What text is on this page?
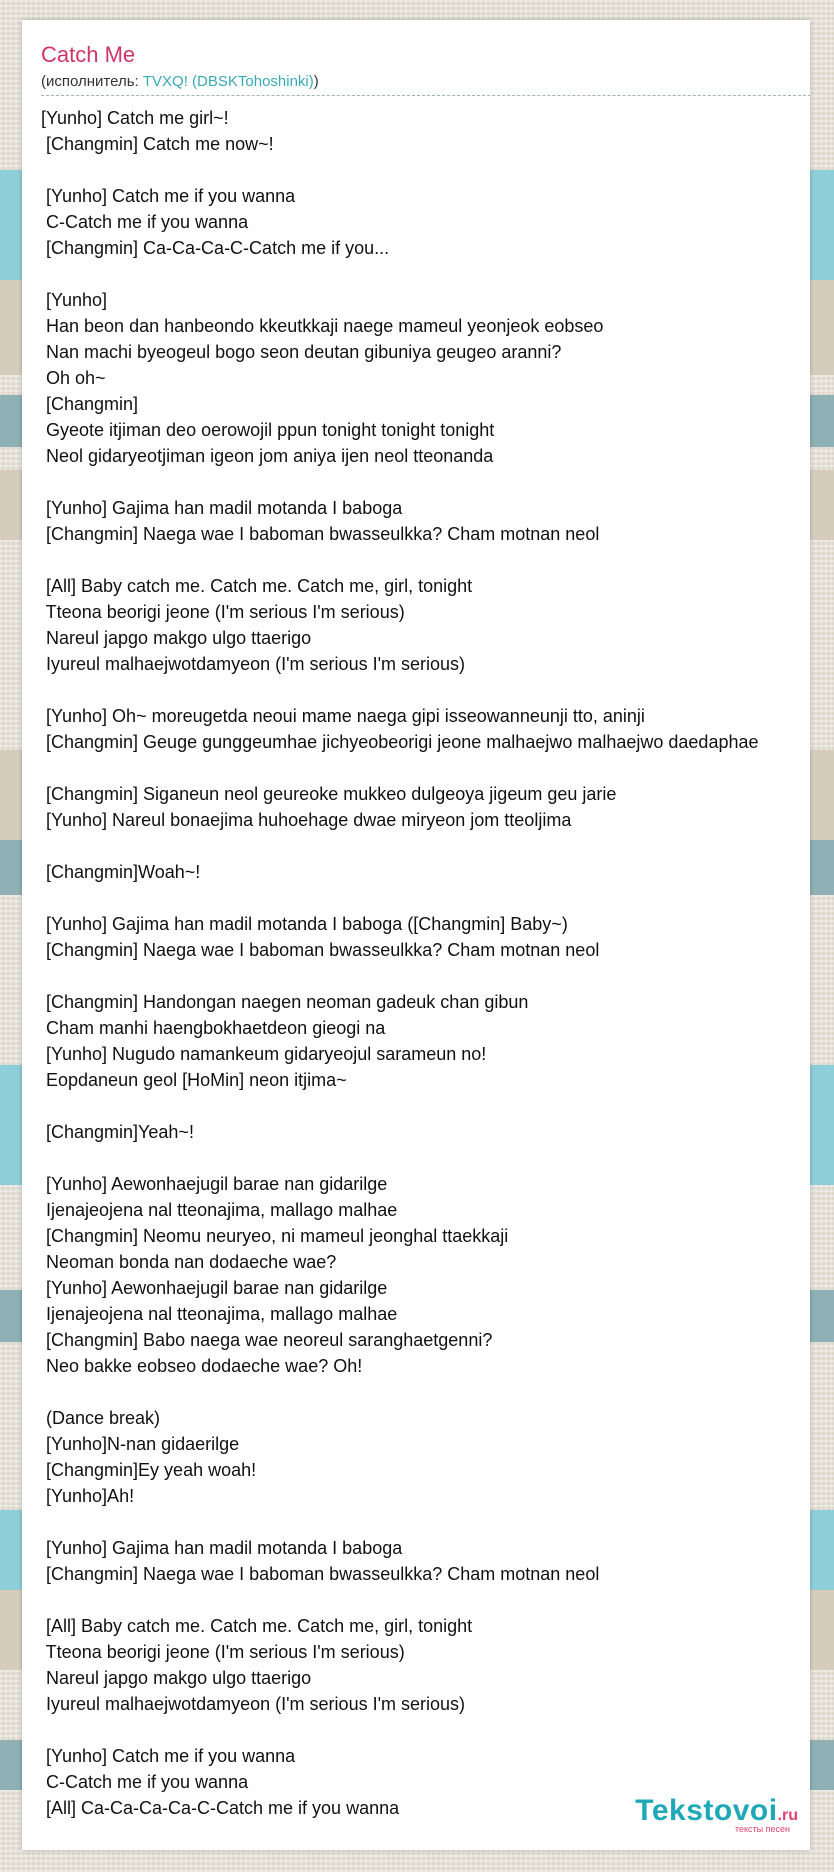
Catch Me
(исполнитель: TVXQ! (DBSKTohoshinki))
[Yunho] Catch me girl~!
[Changmin] Catch me now~!

[Yunho] Catch me if you wanna
C-Catch me if you wanna
[Changmin] Ca-Ca-Ca-C-Catch me if you...

[Yunho]
Han beon dan hanbeondo kkeutkkaji naege mameul yeonjeok eobseo
Nan machi byeogeul bogo seon deutan gibuniya geugeo aranni?
Oh oh~
[Changmin]
Gyeote itjiman deo oerowojil ppun tonight tonight tonight
Neol gidaryeotjiman igeon jom aniya ijen neol tteonanda

[Yunho] Gajima han madil motanda I baboga
[Changmin] Naega wae I baboman bwasseulkka? Cham motnan neol

[All] Baby catch me. Catch me. Catch me, girl, tonight
Tteona beorigi jeone (I'm serious I'm serious)
Nareul japgo makgo ulgo ttaerigo
Iyureul malhaejwotdamyeon (I'm serious I'm serious)

[Yunho] Oh~ moreugetda neoui mame naega gipi isseowanneunji tto, aninji
[Changmin] Geuge gunggeumhae jichyeobeorigi jeone malhaejwo malhaejwo daedaphae

[Changmin] Siganeun neol geureoke mukkeo dulgeoya jigeum geu jarie
[Yunho] Nareul bonaejima huhoehage dwae miryeon jom tteoljima

[Changmin]Woah~!

[Yunho] Gajima han madil motanda I baboga ([Changmin] Baby~)
[Changmin] Naega wae I baboman bwasseulkka? Cham motnan neol

[Changmin] Handongan naegen neoman gadeuk chan gibun
Cham manhi haengbokhaetdeon gieogi na
[Yunho] Nugudo namankeum gidaryeojul sarameun no!
Eopdaneun geol [HoMin] neon itjima~

[Changmin]Yeah~!

[Yunho] Aewonhaejugil barae nan gidarilge
Ijenajeojena nal tteonajima, mallago malhae
[Changmin] Neomu neuryeo, ni mameul jeonghal ttaekkaji
Neoman bonda nan dodaeche wae?
[Yunho] Aewonhaejugil barae nan gidarilge
Ijenajeojena nal tteonajima, mallago malhae
[Changmin] Babo naega wae neoreul saranghaetgenni?
Neo bakke eobseo dodaeche wae? Oh!

(Dance break)
[Yunho]N-nan gidaerilge
[Changmin]Ey yeah woah!
[Yunho]Ah!

[Yunho] Gajima han madil motanda I baboga
[Changmin] Naega wae I baboman bwasseulkka? Cham motnan neol

[All] Baby catch me. Catch me. Catch me, girl, tonight
Tteona beorigi jeone (I'm serious I'm serious)
Nareul japgo makgo ulgo ttaerigo
Iyureul malhaejwotdamyeon (I'm serious I'm serious)

[Yunho] Catch me if you wanna
C-Catch me if you wanna
[All] Ca-Ca-Ca-Ca-C-Catch me if you wanna	Tekstovoi.ru
тексты песен
